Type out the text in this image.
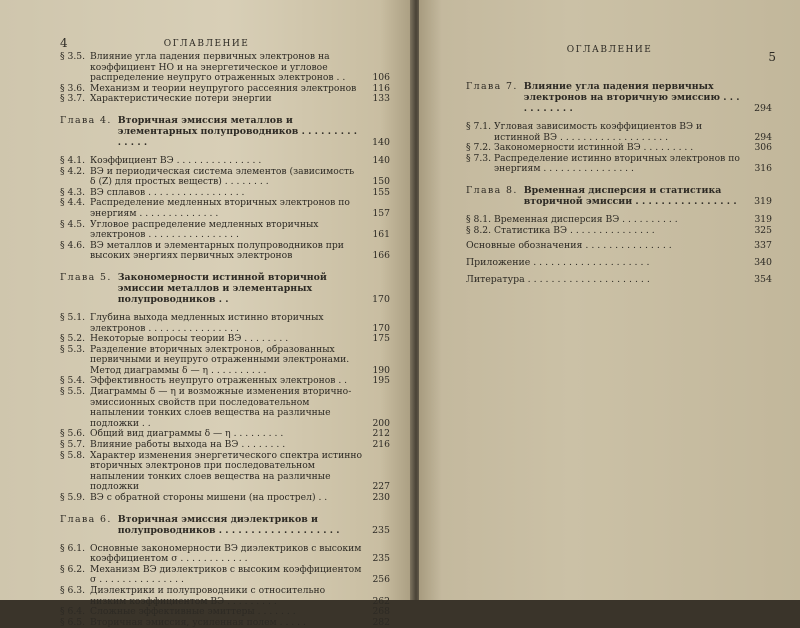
4	ОГЛАВЛЕНИЕ
§ 3.5. Влияние угла падения первичных электронов на коэффициент НО и на энергетическое и угловое распределение неупруго отраженных электронов . .	106
§ 3.6. Механизм и теории неупругого рассеяния электронов	116
§ 3.7. Характеристические потери энергии	133
Глава 4. Вторичная эмиссия металлов и элементарных полупроводников . . . . . . . . . . . . . .	140
§ 4.1. Коэффициент ВЭ . . . . . . . . . . . . . . .	140
§ 4.2. ВЭ и периодическая система элементов (зависимость δ (Z) для простых веществ) . . . . . . . .	150
§ 4.3. ВЭ сплавов . . . . . . . . . . . . . . . . .	155
§ 4.4. Распределение медленных вторичных электронов по энергиям . . . . . . . . . . . . . .	157
§ 4.5. Угловое распределение медленных вторичных электронов . . . . . . . . . . . . . . . .	161
§ 4.6. ВЭ металлов и элементарных полупроводников при высоких энергиях первичных электронов	166
Глава 5. Закономерности истинной вторичной эмиссии металлов и элементарных полупроводников . .	170
§ 5.1. Глубина выхода медленных истинно вторичных электронов . . . . . . . . . . . . . . . .	170
§ 5.2. Некоторые вопросы теории ВЭ . . . . . . . .	175
§ 5.3. Разделение вторичных электронов, образованных первичными и неупруго отраженными электронами. Метод диаграммы δ — η . . . . . . . . . .	190
§ 5.4. Эффективность неупруго отраженных электронов . .	195
§ 5.5. Диаграммы δ — η и возможные изменения вторично-эмиссионных свойств при последовательном напылении тонких слоев вещества на различные подложки . .	200
§ 5.6. Общий вид диаграммы δ — η . . . . . . . . .	212
§ 5.7. Влияние работы выхода на ВЭ . . . . . . . .	216
§ 5.8. Характер изменения энергетического спектра истинно вторичных электронов при последовательном напылении тонких слоев вещества на различные подложки	227
§ 5.9. ВЭ с обратной стороны мишени (на прострел) . .	230
Глава 6. Вторичная эмиссия диэлектриков и полупроводников . . . . . . . . . . . . . . . . . . .	235
§ 6.1. Основные закономерности ВЭ диэлектриков с высоким коэффициентом σ . . . . . . . . . . . .	235
§ 6.2. Механизм ВЭ диэлектриков с высоким коэффициентом σ . . . . . . . . . . . . . . .	256
§ 6.3. Диэлектрики и полупроводники с относительно низким коэффициентом ВЭ . . . . . . . . .	262
§ 6.4. Сложные эффективные эмиттеры . . . . . . .	268
§ 6.5. Вторичная эмиссия, усиленная полем . . . . .	282
5
ОГЛАВЛЕНИЕ
Глава 7. Влияние угла падения первичных электронов на вторичную эмиссию . . . . . . . . . . .	294
§ 7.1. Угловая зависимость коэффициентов ВЭ и истинной ВЭ . . . . . . . . . . . . . . . . . . .	294
§ 7.2. Закономерности истинной ВЭ . . . . . . . . .	306
§ 7.3. Распределение истинно вторичных электронов по энергиям . . . . . . . . . . . . . . . .	316
Глава 8. Временная дисперсия и статистика вторичной эмиссии . . . . . . . . . . . . . . . .	319
§ 8.1. Временная дисперсия ВЭ . . . . . . . . . .	319
§ 8.2. Статистика ВЭ . . . . . . . . . . . . . . .	325
Основные обозначения . . . . . . . . . . . . . . .	337
Приложение . . . . . . . . . . . . . . . . . . . .	340
Литература . . . . . . . . . . . . . . . . . . . . .	354
